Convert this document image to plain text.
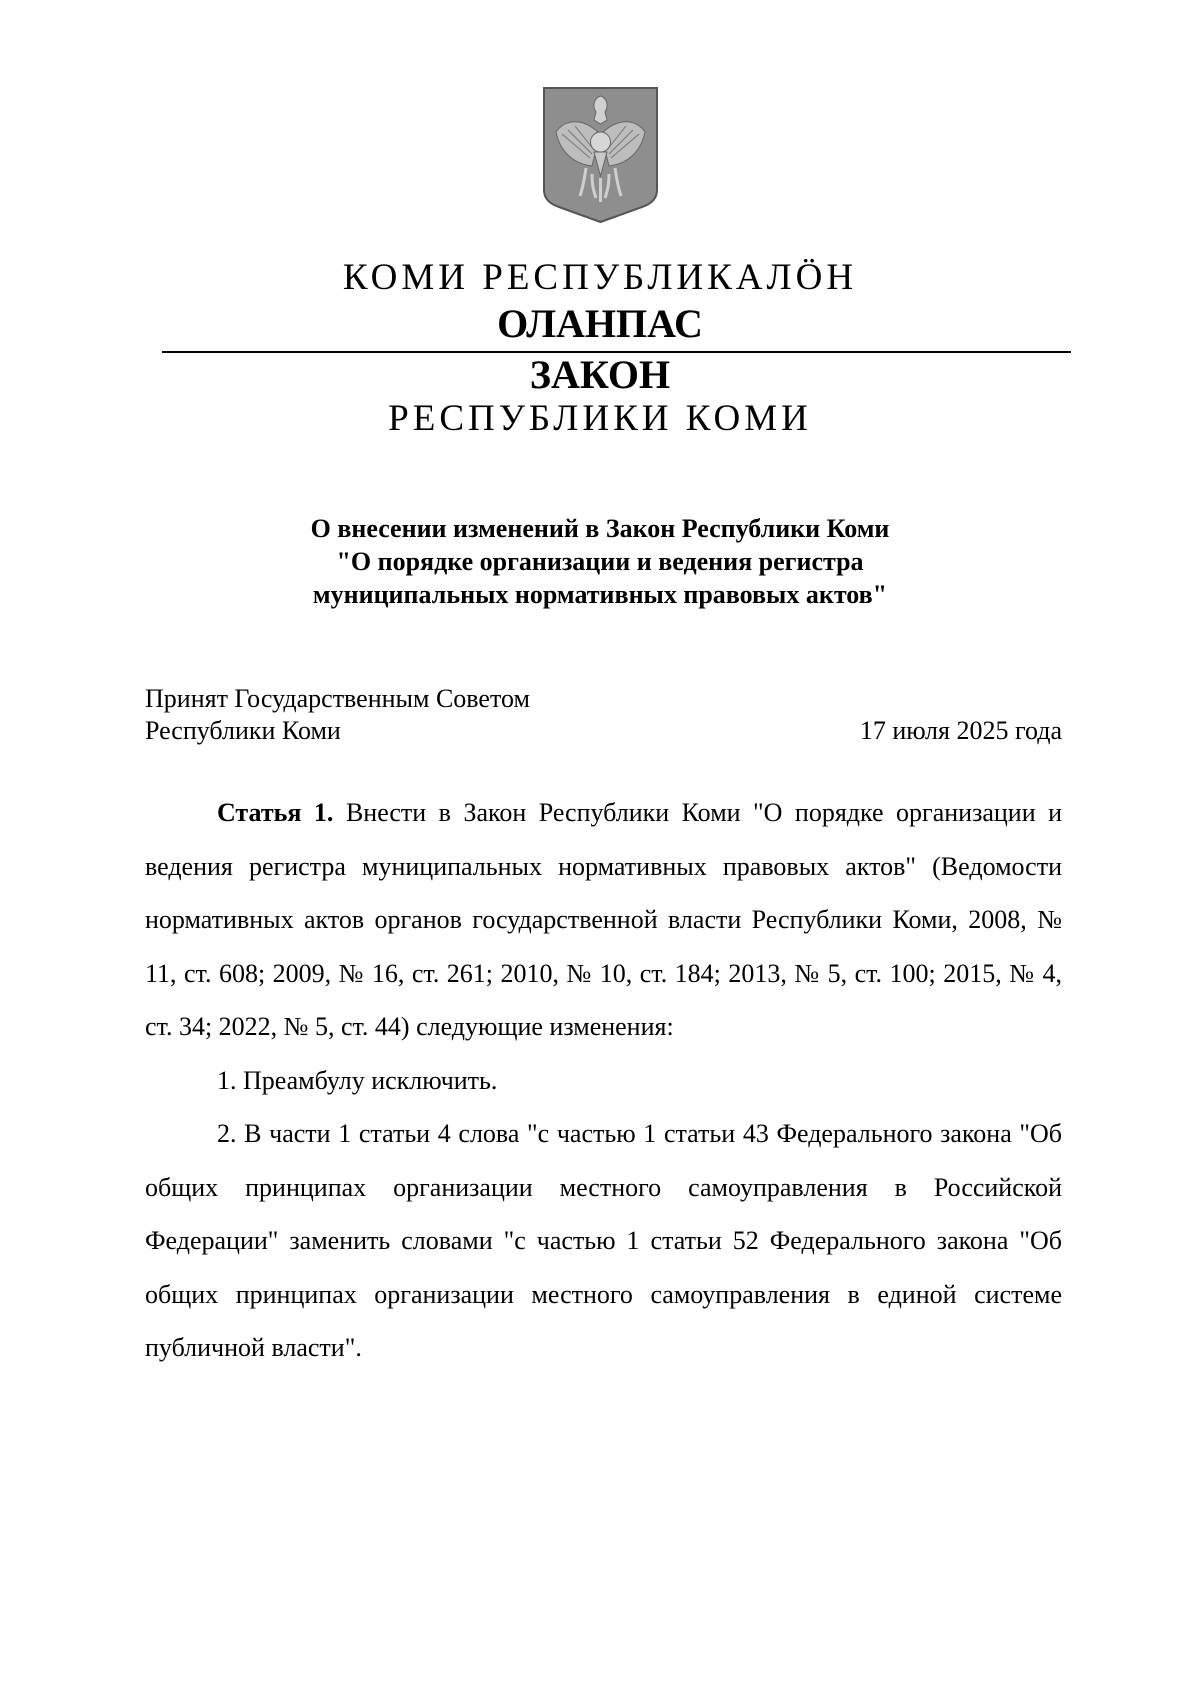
КОМИ РЕСПУБЛИКАЛÖН
ОЛАНПАС
ЗАКОН
РЕСПУБЛИКИ КОМИ
О внесении изменений в Закон Республики Коми
"О порядке организации и ведения регистра
муниципальных нормативных правовых актов"
Принят Государственным Советом
Республики Коми	17 июля 2025 года

Статья 1. Внести в Закон Республики Коми "О порядке организации и ведения регистра муниципальных нормативных правовых актов" (Ведомости нормативных актов органов государственной власти Республики Коми, 2008, № 11, ст. 608; 2009, № 16, ст. 261; 2010, № 10, ст. 184; 2013, № 5, ст. 100; 2015, № 4, ст. 34; 2022, № 5, ст. 44) следующие изменения:

1. Преамбулу исключить.

2. В части 1 статьи 4 слова "с частью 1 статьи 43 Федерального закона "Об общих принципах организации местного самоуправления в Российской Федерации" заменить словами "с частью 1 статьи 52 Федерального закона "Об общих принципах организации местного самоуправления в единой системе публичной власти".
